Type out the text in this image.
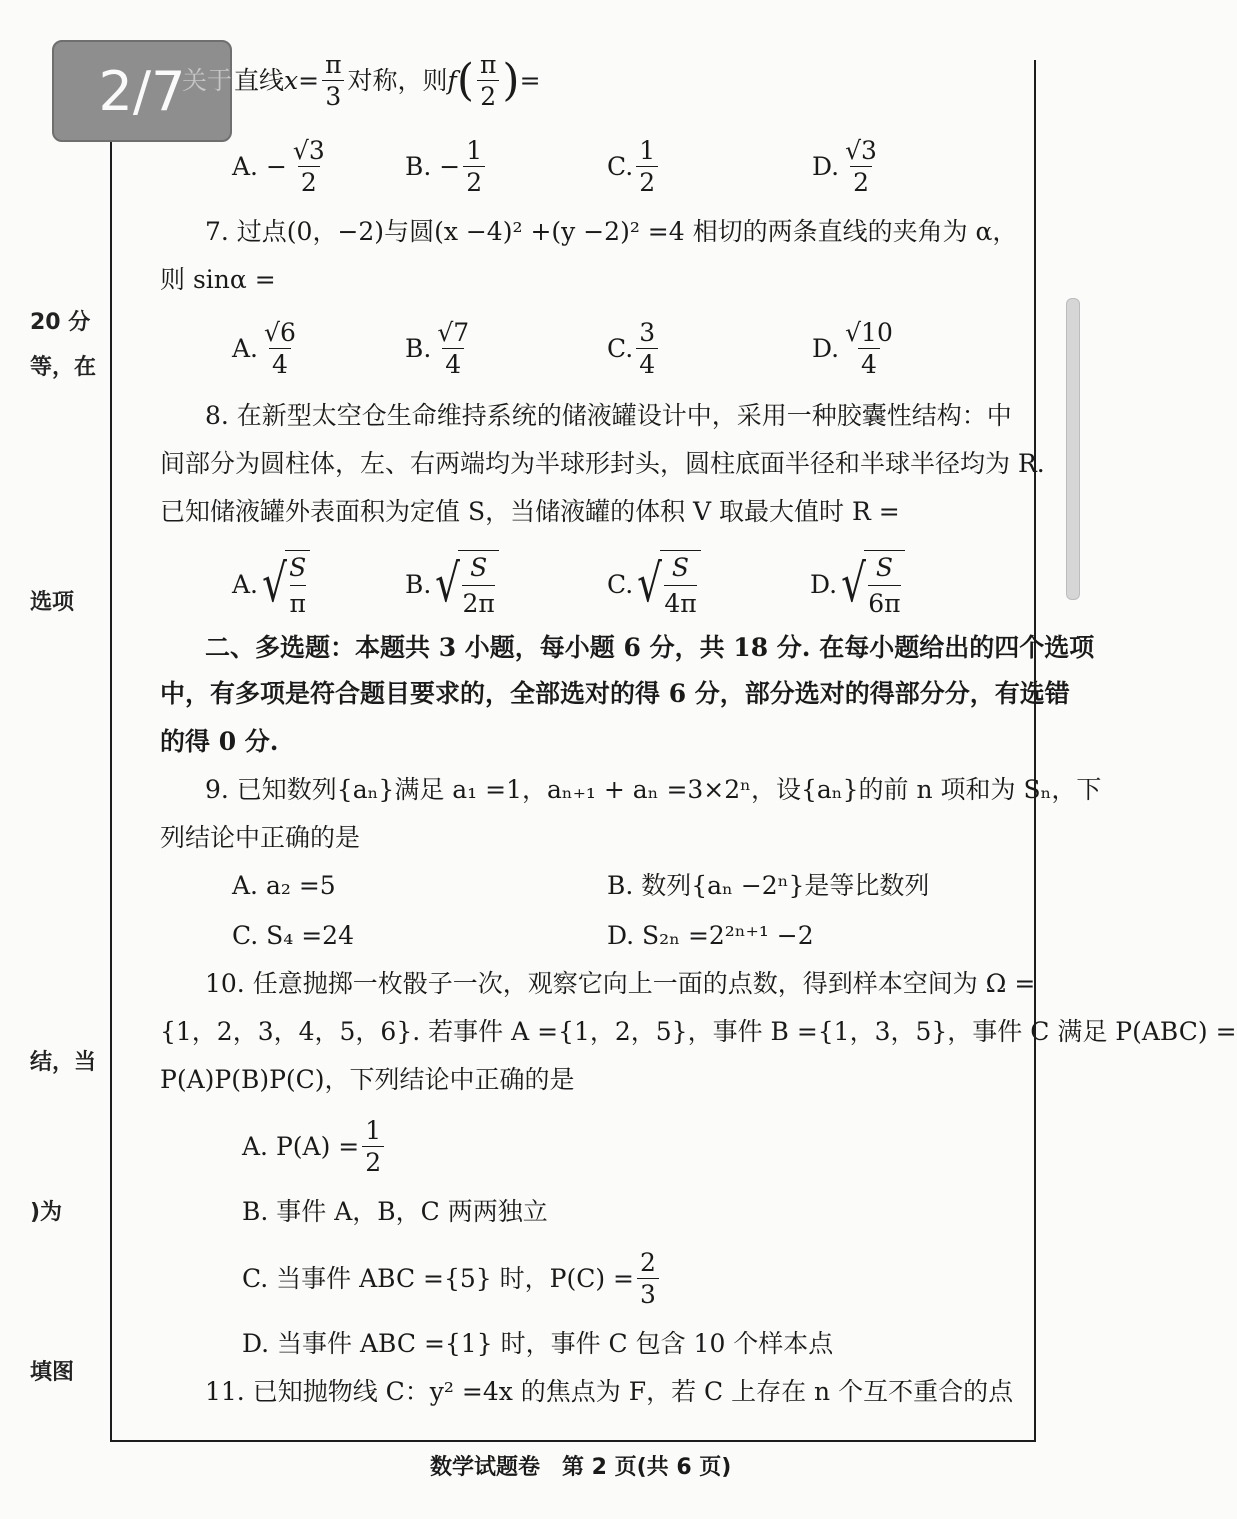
2/7
20 分
等，在
选项
结，当
)为
填图
关于 直线 $x = \frac{\pi}{3}$ 对称，则 f ( $\frac{\pi}{2}$ ) =
A. − $\frac{√3}{2}$	B. − $\frac{1}{2}$	C. $\frac{1}{2}$	D. $\frac{√3}{2}$
7. 过点(0，−2)与圆(x −4)² +(y −2)² =4 相切的两条直线的夹角为 α，
则 sinα =
A. $\frac{√6}{4}$	B. $\frac{√7}{4}$	C. $\frac{3}{4}$	D. $\frac{√10}{4}$
8. 在新型太空仓生命维持系统的储液罐设计中，采用一种胶囊性结构：中
间部分为圆柱体，左、右两端均为半球形封头，圆柱底面半径和半球半径均为 R.
已知储液罐外表面积为定值 S，当储液罐的体积 V 取最大值时 R =
A. √ S
π
B. √ S
2π
C. √ S
4π
D. √ S
6π
二、多选题：本题共 3 小题，每小题 6 分，共 18 分. 在每小题给出的四个选项
中，有多项是符合题目要求的，全部选对的得 6 分，部分选对的得部分分，有选错
的得 0 分.
9. 已知数列{aₙ}满足 a₁ =1，aₙ₊₁ + aₙ =3×2ⁿ，设{aₙ}的前 n 项和为 Sₙ，下
列结论中正确的是
A. a₂ =5	B. 数列{aₙ −2ⁿ}是等比数列
C. S₄ =24	D. S₂ₙ =2²ⁿ⁺¹ −2
10. 任意抛掷一枚骰子一次，观察它向上一面的点数，得到样本空间为 Ω =
{1，2，3，4，5，6}. 若事件 A ={1，2，5}，事件 B ={1，3，5}，事件 C 满足 P(ABC) =
P(A)P(B)P(C)，下列结论中正确的是
A. $P(A) = \frac{1}{2}$
B. 事件 A，B，C 两两独立
C. 当事件 ABC ={5} 时，$P(C) = \frac{2}{3}$
D. 当事件 ABC ={1} 时，事件 C 包含 10 个样本点
11. 已知抛物线 C：y² =4x 的焦点为 F，若 C 上存在 n 个互不重合的点
数学试题卷　第 2 页(共 6 页)
